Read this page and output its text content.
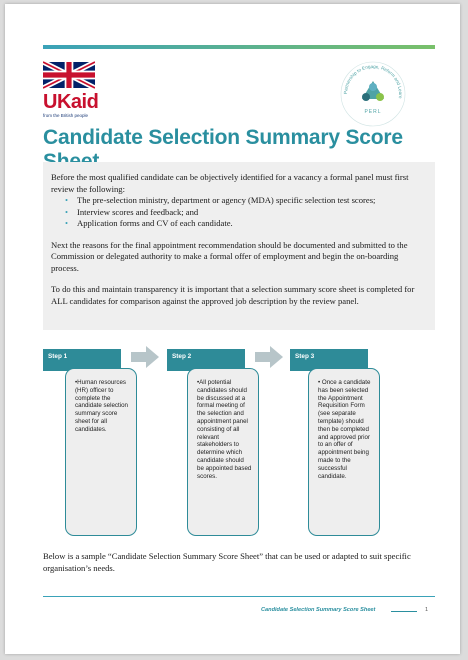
UKaid
from the British people
Partnership to Engage, Reform and Learn
PERL
Candidate Selection Summary Score

Before the most qualified candidate can be objectively identified for a vacancy a formal panel must first review the following:

• The pre-selection ministry, department or agency (MDA) specific selection test scores;
• Interview scores and feedback; and
• Application forms and CV of each candidate.

Next the reasons for the final appointment recommendation should be documented and submitted to the Commission or delegated authority to make a formal offer of employment and begin the on-boarding process.

To do this and maintain transparency it is important that a selection summary score sheet is completed for ALL candidates for comparison against the approved job description by the review panel.

Step 1
•Human resources (HR) officer to complete the candidate selection summary score sheet for all candidates.
Step 2
•All potential candidates should be discussed at a formal meeting of the selection and appointment panel consisting of all relevant stakeholders to determine which candidate should be appointed based scores.
Step 3
• Once a candidate has been selected the Appointment Requisition Form (see separate template) should then be completed and approved prior to an offer of appointment being made to the successful candidate.

Below is a sample “Candidate Selection Summary Score Sheet” that can be used or adapted to suit specific organisation’s needs.

Candidate Selection Summary Score Sheet	1
